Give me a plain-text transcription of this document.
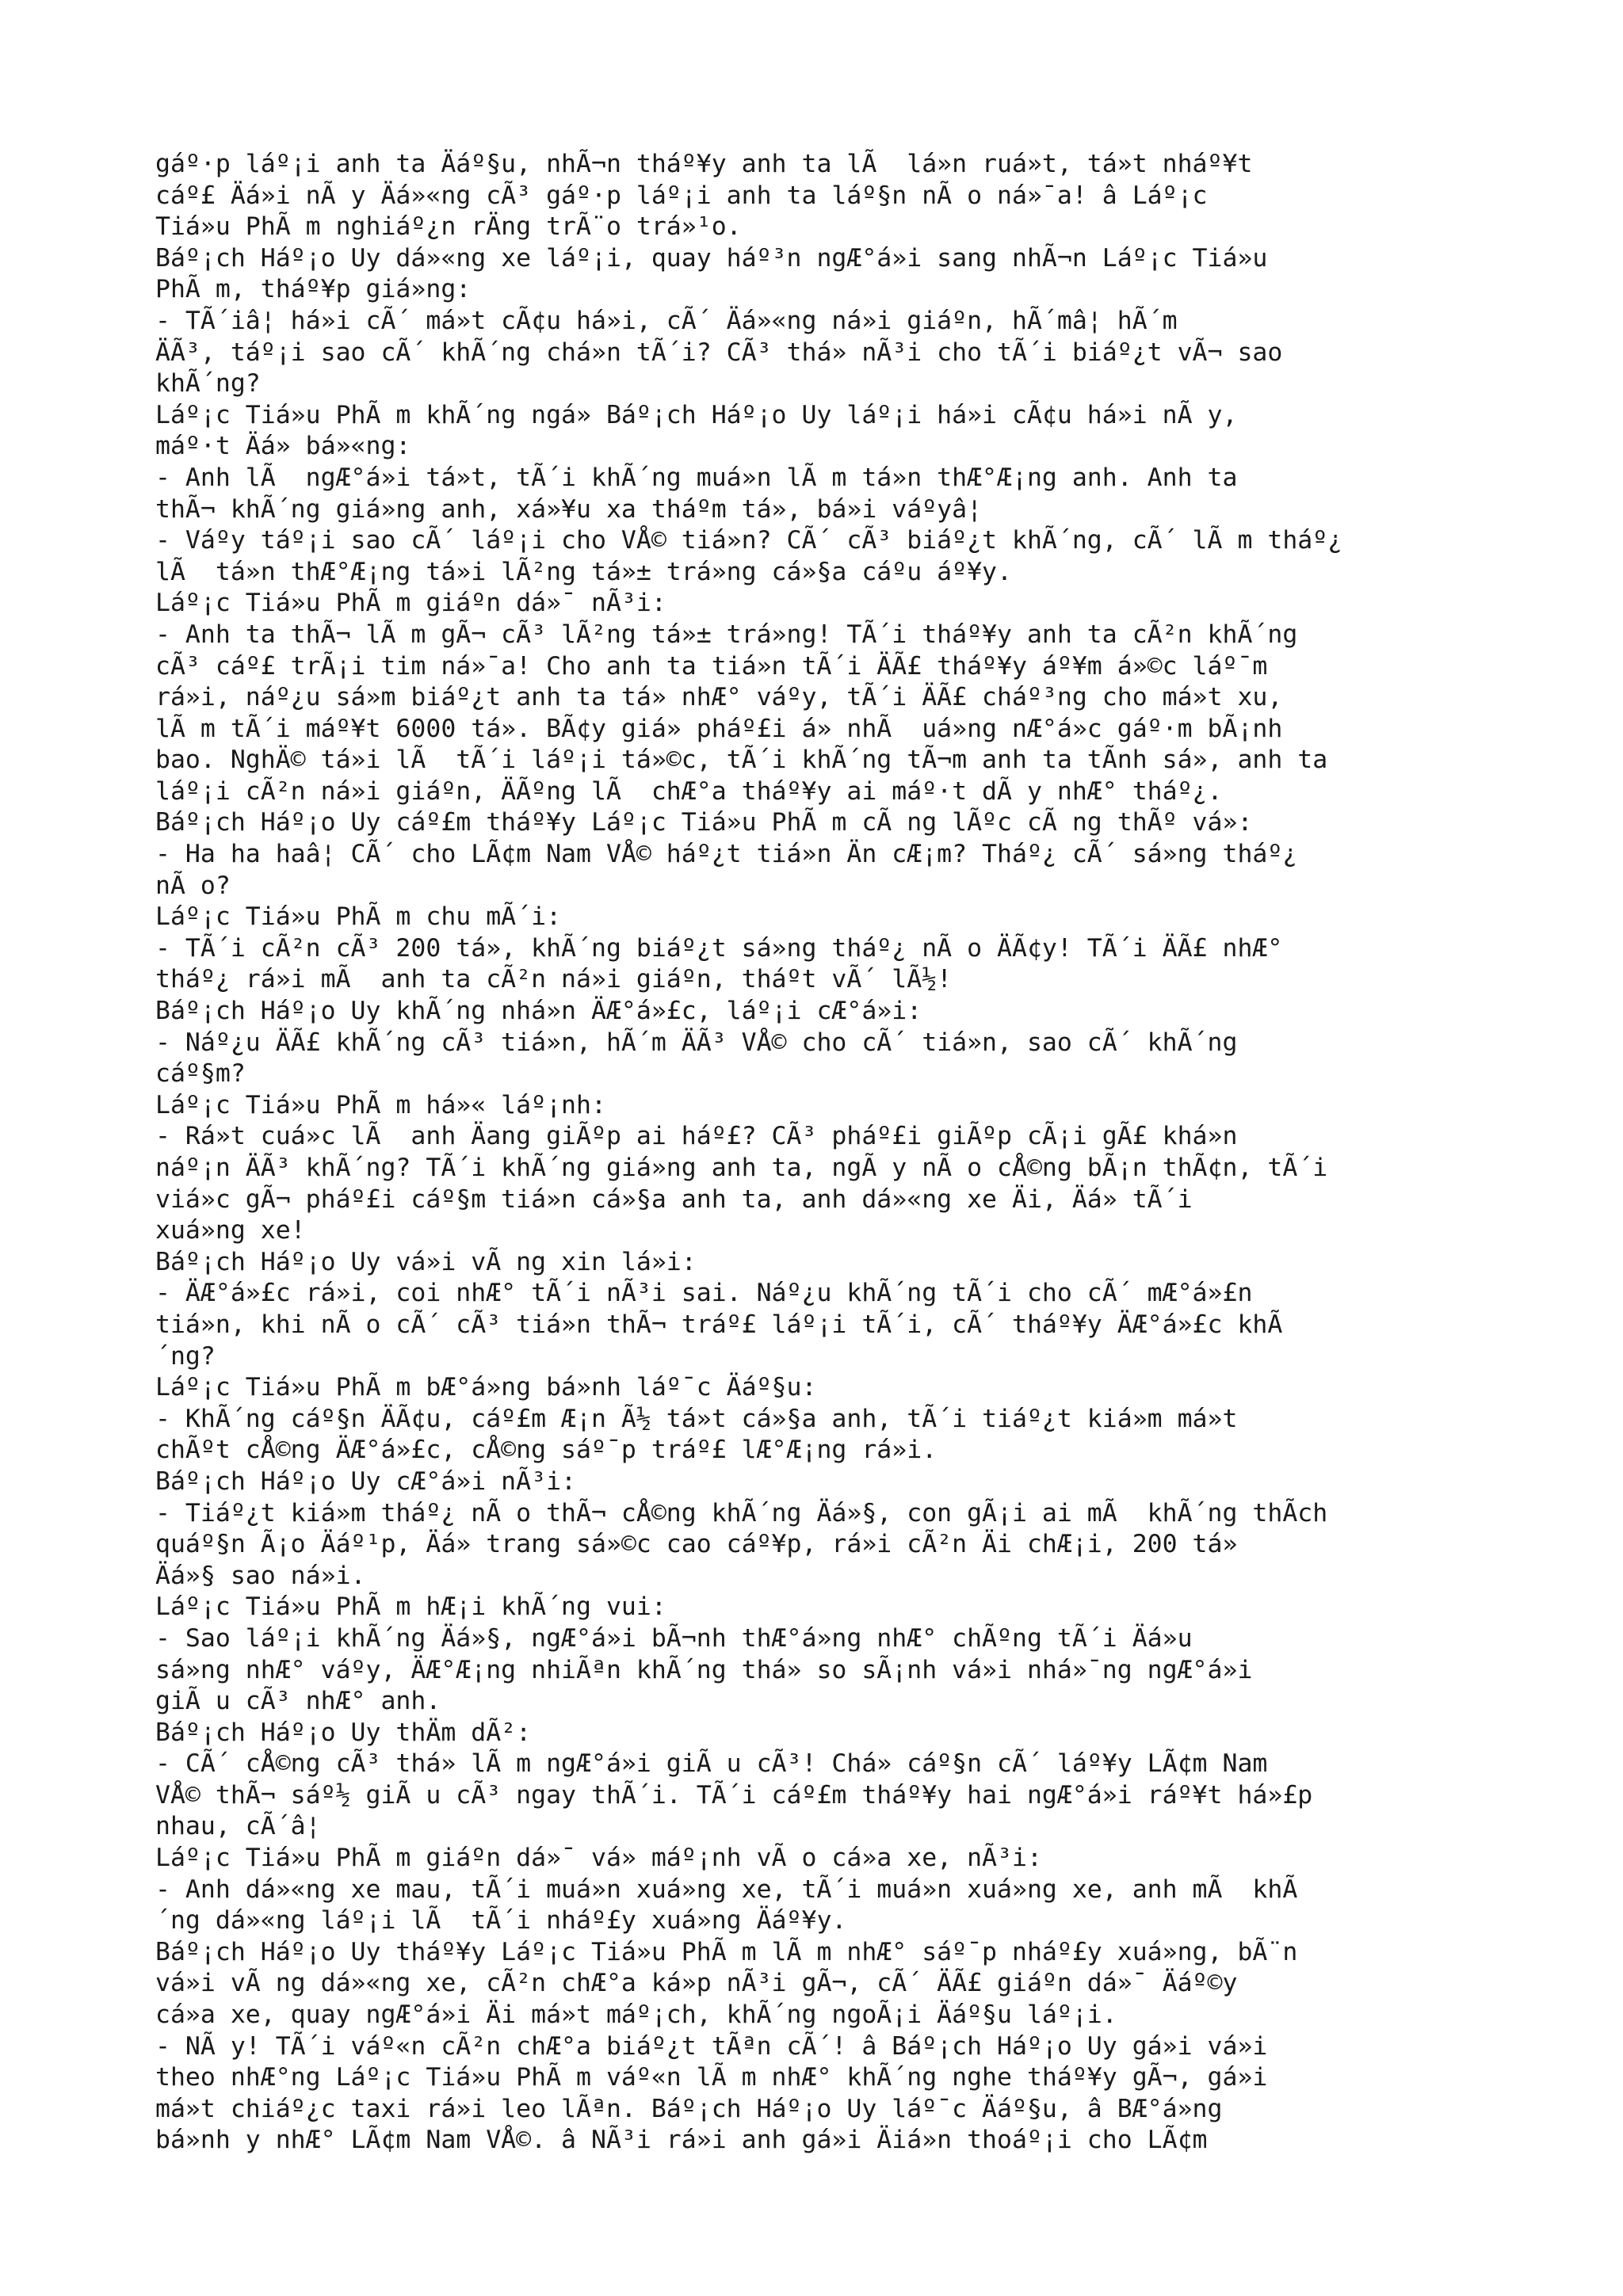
gáº·p láº¡i anh ta Äáº§u, nhÃ¬n tháº¥y anh ta lÃ  lá»n ruá»t, tá»t nháº¥t
cáº£ Äá»i nÃ y Äá»«ng cÃ³ gáº·p láº¡i anh ta láº§n nÃ o ná»¯a! â Láº¡c
Tiá»u PhÃ m nghiáº¿n rÄng trÃ¨o trá»¹o.
Báº¡ch Háº¡o Uy dá»«ng xe láº¡i, quay háº³n ngÆ°á»i sang nhÃ¬n Láº¡c Tiá»u
PhÃ m, tháº¥p giá»ng:
- TÃ´iâ¦ há»i cÃ´ má»t cÃ¢u há»i, cÃ´ Äá»«ng ná»i giáºn, hÃ´mâ¦ hÃ´m
ÄÃ³, táº¡i sao cÃ´ khÃ´ng chá»n tÃ´i? CÃ³ thá» nÃ³i cho tÃ´i biáº¿t vÃ¬ sao
khÃ´ng?
Láº¡c Tiá»u PhÃ m khÃ´ng ngá» Báº¡ch Háº¡o Uy láº¡i há»i cÃ¢u há»i nÃ y,
máº·t Äá» bá»«ng:
- Anh lÃ  ngÆ°á»i tá»t, tÃ´i khÃ´ng muá»n lÃ m tá»n thÆ°Æ¡ng anh. Anh ta
thÃ¬ khÃ´ng giá»ng anh, xá»¥u xa tháºm tá», bá»i váºyâ¦
- Váºy táº¡i sao cÃ´ láº¡i cho VÅ© tiá»n? CÃ´ cÃ³ biáº¿t khÃ´ng, cÃ´ lÃ m tháº¿
lÃ  tá»n thÆ°Æ¡ng tá»i lÃ²ng tá»± trá»ng cá»§a cáºu áº¥y.
Láº¡c Tiá»u PhÃ m giáºn dá»¯ nÃ³i:
- Anh ta thÃ¬ lÃ m gÃ¬ cÃ³ lÃ²ng tá»± trá»ng! TÃ´i tháº¥y anh ta cÃ²n khÃ´ng
cÃ³ cáº£ trÃ¡i tim ná»¯a! Cho anh ta tiá»n tÃ´i ÄÃ£ tháº¥y áº¥m á»©c láº¯m
rá»i, náº¿u sá»m biáº¿t anh ta tá» nhÆ° váºy, tÃ´i ÄÃ£ cháº³ng cho má»t xu,
lÃ m tÃ´i máº¥t 6000 tá». BÃ¢y giá» pháº£i á» nhÃ  uá»ng nÆ°á»c gáº·m bÃ¡nh
bao. NghÄ© tá»i lÃ  tÃ´i láº¡i tá»©c, tÃ´i khÃ´ng tÃ¬m anh ta tÃnh sá», anh ta
láº¡i cÃ²n ná»i giáºn, ÄÃºng lÃ  chÆ°a tháº¥y ai máº·t dÃ y nhÆ° tháº¿.
Báº¡ch Háº¡o Uy cáº£m tháº¥y Láº¡c Tiá»u PhÃ m cÃ ng lÃºc cÃ ng thÃº vá»:
- Ha ha haâ¦ CÃ´ cho LÃ¢m Nam VÅ© háº¿t tiá»n Än cÆ¡m? Tháº¿ cÃ´ sá»ng tháº¿
nÃ o?
Láº¡c Tiá»u PhÃ m chu mÃ´i:
- TÃ´i cÃ²n cÃ³ 200 tá», khÃ´ng biáº¿t sá»ng tháº¿ nÃ o ÄÃ¢y! TÃ´i ÄÃ£ nhÆ°
tháº¿ rá»i mÃ  anh ta cÃ²n ná»i giáºn, tháºt vÃ´ lÃ½!
Báº¡ch Háº¡o Uy khÃ´ng nhá»n ÄÆ°á»£c, láº¡i cÆ°á»i:
- Náº¿u ÄÃ£ khÃ´ng cÃ³ tiá»n, hÃ´m ÄÃ³ VÅ© cho cÃ´ tiá»n, sao cÃ´ khÃ´ng
cáº§m?
Láº¡c Tiá»u PhÃ m há»« láº¡nh:
- Rá»t cuá»c lÃ  anh Äang giÃºp ai háº£? CÃ³ pháº£i giÃºp cÃ¡i gÃ£ khá»n
náº¡n ÄÃ³ khÃ´ng? TÃ´i khÃ´ng giá»ng anh ta, ngÃ y nÃ o cÅ©ng bÃ¡n thÃ¢n, tÃ´i
viá»c gÃ¬ pháº£i cáº§m tiá»n cá»§a anh ta, anh dá»«ng xe Äi, Äá» tÃ´i
xuá»ng xe!
Báº¡ch Háº¡o Uy vá»i vÃ ng xin lá»i:
- ÄÆ°á»£c rá»i, coi nhÆ° tÃ´i nÃ³i sai. Náº¿u khÃ´ng tÃ´i cho cÃ´ mÆ°á»£n
tiá»n, khi nÃ o cÃ´ cÃ³ tiá»n thÃ¬ tráº£ láº¡i tÃ´i, cÃ´ tháº¥y ÄÆ°á»£c khÃ
´ng?
Láº¡c Tiá»u PhÃ m bÆ°á»ng bá»nh láº¯c Äáº§u:
- KhÃ´ng cáº§n ÄÃ¢u, cáº£m Æ¡n Ã½ tá»t cá»§a anh, tÃ´i tiáº¿t kiá»m má»t
chÃºt cÅ©ng ÄÆ°á»£c, cÅ©ng sáº¯p tráº£ lÆ°Æ¡ng rá»i.
Báº¡ch Háº¡o Uy cÆ°á»i nÃ³i:
- Tiáº¿t kiá»m tháº¿ nÃ o thÃ¬ cÅ©ng khÃ´ng Äá»§, con gÃ¡i ai mÃ  khÃ´ng thÃch
quáº§n Ã¡o Äáº¹p, Äá» trang sá»©c cao cáº¥p, rá»i cÃ²n Äi chÆ¡i, 200 tá»
Äá»§ sao ná»i.
Láº¡c Tiá»u PhÃ m hÆ¡i khÃ´ng vui:
- Sao láº¡i khÃ´ng Äá»§, ngÆ°á»i bÃ¬nh thÆ°á»ng nhÆ° chÃºng tÃ´i Äá»u
sá»ng nhÆ° váºy, ÄÆ°Æ¡ng nhiÃªn khÃ´ng thá» so sÃ¡nh vá»i nhá»¯ng ngÆ°á»i
giÃ u cÃ³ nhÆ° anh.
Báº¡ch Háº¡o Uy thÄm dÃ²:
- CÃ´ cÅ©ng cÃ³ thá» lÃ m ngÆ°á»i giÃ u cÃ³! Chá» cáº§n cÃ´ láº¥y LÃ¢m Nam
VÅ© thÃ¬ sáº½ giÃ u cÃ³ ngay thÃ´i. TÃ´i cáº£m tháº¥y hai ngÆ°á»i ráº¥t há»£p
nhau, cÃ´â¦
Láº¡c Tiá»u PhÃ m giáºn dá»¯ vá» máº¡nh vÃ o cá»a xe, nÃ³i:
- Anh dá»«ng xe mau, tÃ´i muá»n xuá»ng xe, tÃ´i muá»n xuá»ng xe, anh mÃ  khÃ
´ng dá»«ng láº¡i lÃ  tÃ´i nháº£y xuá»ng Äáº¥y.
Báº¡ch Háº¡o Uy tháº¥y Láº¡c Tiá»u PhÃ m lÃ m nhÆ° sáº¯p nháº£y xuá»ng, bÃ¨n
vá»i vÃ ng dá»«ng xe, cÃ²n chÆ°a ká»p nÃ³i gÃ¬, cÃ´ ÄÃ£ giáºn dá»¯ Äáº©y
cá»a xe, quay ngÆ°á»i Äi má»t máº¡ch, khÃ´ng ngoÃ¡i Äáº§u láº¡i.
- NÃ y! TÃ´i váº«n cÃ²n chÆ°a biáº¿t tÃªn cÃ´! â Báº¡ch Háº¡o Uy gá»i vá»i
theo nhÆ°ng Láº¡c Tiá»u PhÃ m váº«n lÃ m nhÆ° khÃ´ng nghe tháº¥y gÃ¬, gá»i
má»t chiáº¿c taxi rá»i leo lÃªn. Báº¡ch Háº¡o Uy láº¯c Äáº§u, â BÆ°á»ng
bá»nh y nhÆ° LÃ¢m Nam VÅ©. â NÃ³i rá»i anh gá»i Äiá»n thoáº¡i cho LÃ¢m
